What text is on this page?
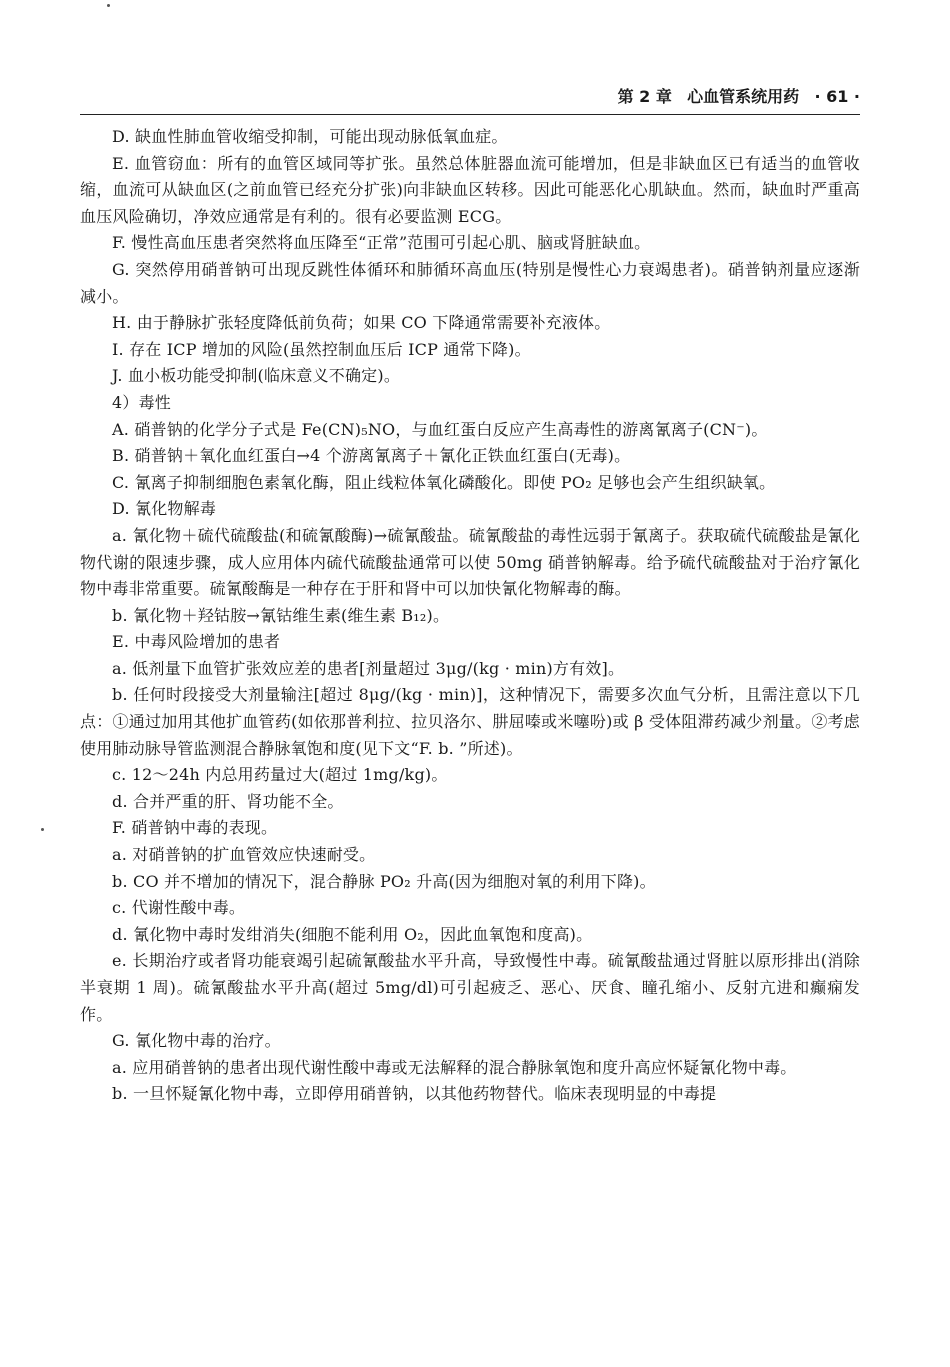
第 2 章 心血管系统用药 · 61 ·

D. 缺血性肺血管收缩受抑制，可能出现动脉低氧血症。

E. 血管窃血：所有的血管区域同等扩张。虽然总体脏器血流可能增加，但是非缺血区已有适当的血管收缩，血流可从缺血区(之前血管已经充分扩张)向非缺血区转移。因此可能恶化心肌缺血。然而，缺血时严重高血压风险确切，净效应通常是有利的。很有必要监测 ECG。

F. 慢性高血压患者突然将血压降至“正常”范围可引起心肌、脑或肾脏缺血。

G. 突然停用硝普钠可出现反跳性体循环和肺循环高血压(特别是慢性心力衰竭患者)。硝普钠剂量应逐渐减小。

H. 由于静脉扩张轻度降低前负荷；如果 CO 下降通常需要补充液体。

I. 存在 ICP 增加的风险(虽然控制血压后 ICP 通常下降)。

J. 血小板功能受抑制(临床意义不确定)。

4）毒性

A. 硝普钠的化学分子式是 Fe(CN)₅NO，与血红蛋白反应产生高毒性的游离氰离子(CN⁻)。

B. 硝普钠＋氧化血红蛋白→4 个游离氰离子＋氰化正铁血红蛋白(无毒)。

C. 氰离子抑制细胞色素氧化酶，阻止线粒体氧化磷酸化。即使 PO₂ 足够也会产生组织缺氧。

D. 氰化物解毒

a. 氰化物＋硫代硫酸盐(和硫氰酸酶)→硫氰酸盐。硫氰酸盐的毒性远弱于氰离子。获取硫代硫酸盐是氰化物代谢的限速步骤，成人应用体内硫代硫酸盐通常可以使 50mg 硝普钠解毒。给予硫代硫酸盐对于治疗氰化物中毒非常重要。硫氰酸酶是一种存在于肝和肾中可以加快氰化物解毒的酶。

b. 氰化物＋羟钴胺→氰钴维生素(维生素 B₁₂)。

E. 中毒风险增加的患者

a. 低剂量下血管扩张效应差的患者[剂量超过 3μg/(kg · min)方有效]。

b. 任何时段接受大剂量输注[超过 8μg/(kg · min)]，这种情况下，需要多次血气分析，且需注意以下几点：①通过加用其他扩血管药(如依那普利拉、拉贝洛尔、肼屈嗪或米噻吩)或 β 受体阻滞药减少剂量。②考虑使用肺动脉导管监测混合静脉氧饱和度(见下文“F. b. ”所述)。

c. 12～24h 内总用药量过大(超过 1mg/kg)。

d. 合并严重的肝、肾功能不全。

F. 硝普钠中毒的表现。

a. 对硝普钠的扩血管效应快速耐受。

b. CO 并不增加的情况下，混合静脉 PO₂ 升高(因为细胞对氧的利用下降)。

c. 代谢性酸中毒。

d. 氰化物中毒时发绀消失(细胞不能利用 O₂，因此血氧饱和度高)。

e. 长期治疗或者肾功能衰竭引起硫氰酸盐水平升高，导致慢性中毒。硫氰酸盐通过肾脏以原形排出(消除半衰期 1 周)。硫氰酸盐水平升高(超过 5mg/dl)可引起疲乏、恶心、厌食、瞳孔缩小、反射亢进和癫痫发作。

G. 氰化物中毒的治疗。

a. 应用硝普钠的患者出现代谢性酸中毒或无法解释的混合静脉氧饱和度升高应怀疑氰化物中毒。

b. 一旦怀疑氰化物中毒，立即停用硝普钠，以其他药物替代。临床表现明显的中毒提
